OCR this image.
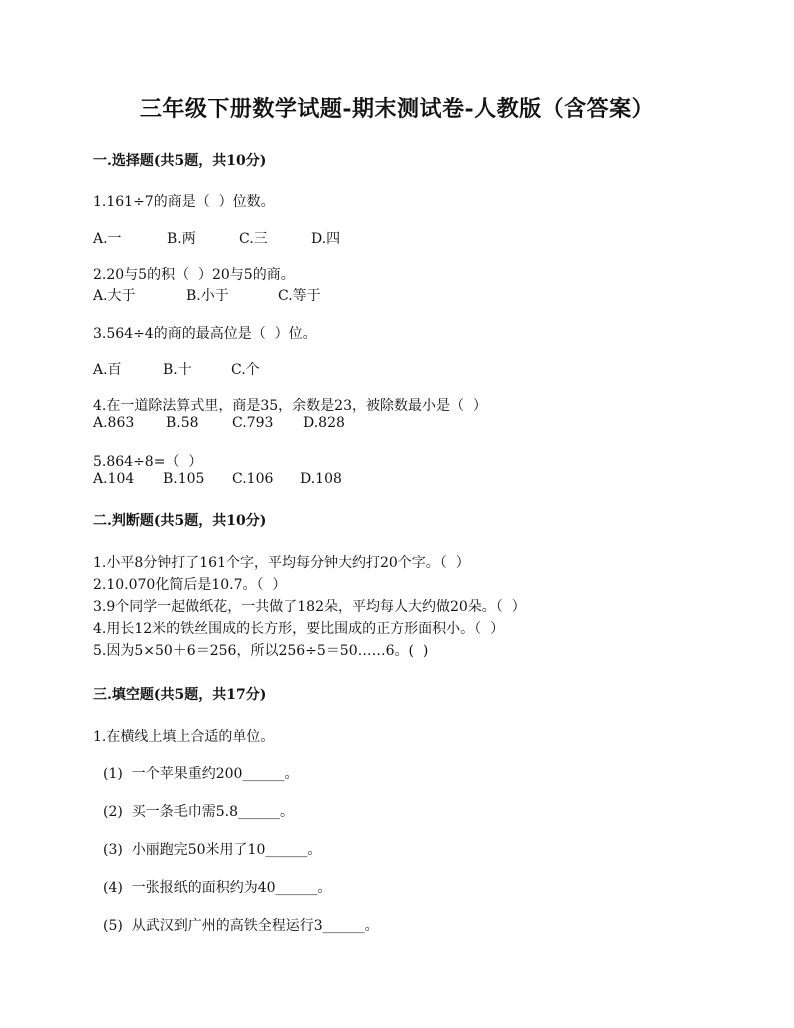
三年级下册数学试题-期末测试卷-人教版（含答案）
一.选择题(共5题，共10分)
1.161÷7的商是（  ）位数。
A.一	B.两	C.三	D.四
2.20与5的积（  ）20与5的商。
A.大于	B.小于	C.等于
3.564÷4的商的最高位是（  ）位。
A.百	B.十	C.个
4.在一道除法算式里，商是35，余数是23，被除数最小是（  ）
A.863 B.58 C.793 D.828
5.864÷8=（  ）
A.104 B.105 C.106 D.108
二.判断题(共5题，共10分)
1.小平8分钟打了161个字，平均每分钟大约打20个字。（  ）
2.10.070化简后是10.7。（  ）
3.9个同学一起做纸花，一共做了182朵，平均每人大约做20朵。（  ）
4.用长12米的铁丝围成的长方形，要比围成的正方形面积小。（  ）
5.因为5×50＋6＝256，所以256÷5＝50……6。(  )
三.填空题(共5题，共17分)
1.在横线上填上合适的单位。
(1)  一个苹果重约200______。
(2)  买一条毛巾需5.8______。
(3)  小丽跑完50米用了10______。
(4)  一张报纸的面积约为40______。
(5)  从武汉到广州的高铁全程运行3______。
